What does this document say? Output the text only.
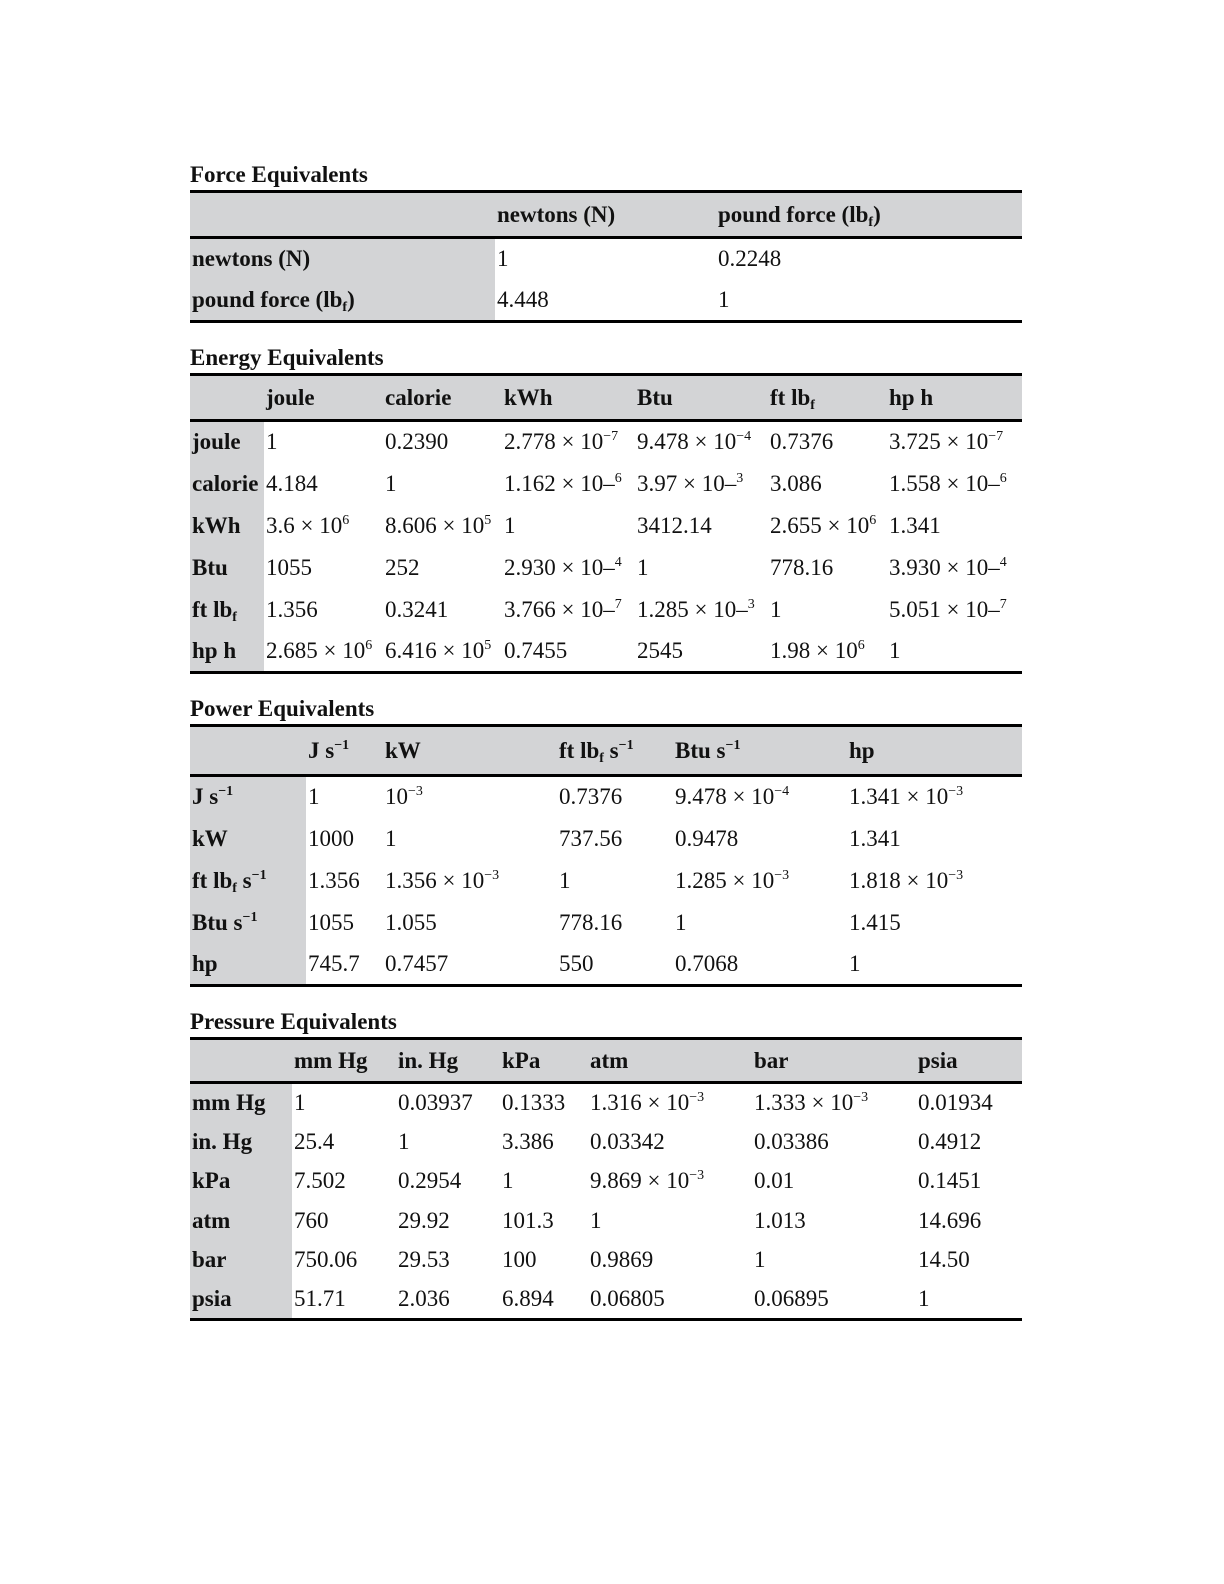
Force Equivalents
	newtons (N)	pound force $(lb_f)$
newtons (N)	1	0.2248
pound force $(lb_f)$	4.448	1
Energy Equivalents
	joule	calorie	kWh	Btu	ft $lb_f$	hp h
joule	1	0.2390	$2.778 \times 10^{-7}$	$9.478 \times 10^{-4}$	0.7376	$3.725 \times 10^{-7}$
calorie	4.184	1	1.162 × 10–$^6$	3.97 × 10–$^3$	3.086	1.558 × 10–$^6$
kWh	$3.6 \times 10^6$	$8.606 \times 10^5$	1	3412.14	$2.655 \times 10^6$	1.341
Btu	1055	252	2.930 × 10–$^4$	1	778.16	3.930 × 10–$^4$
ft $lb_f$	1.356	0.3241	3.766 × 10–$^7$	1.285 × 10–$^3$	1	5.051 × 10–$^7$
hp h	$2.685 \times 10^6$	$6.416 \times 10^5$	0.7455	2545	$1.98 \times 10^6$	1
Power Equivalents
	J $s^{-1}$	kW	ft $lb_f$ $s^{-1}$	Btu $s^{-1}$	hp
J $s^{-1}$	1	$10^{-3}$	0.7376	$9.478 \times 10^{-4}$	$1.341 \times 10^{-3}$
kW	1000	1	737.56	0.9478	1.341
ft $lb_f$ $s^{-1}$	1.356	$1.356 \times 10^{-3}$	1	$1.285 \times 10^{-3}$	$1.818 \times 10^{-3}$
Btu $s^{-1}$	1055	1.055	778.16	1	1.415
hp	745.7	0.7457	550	0.7068	1
Pressure Equivalents
	mm Hg	in. Hg	kPa	atm	bar	psia
mm Hg	1	0.03937	0.1333	$1.316 \times 10^{-3}$	$1.333 \times 10^{-3}$	0.01934
in. Hg	25.4	1	3.386	0.03342	0.03386	0.4912
kPa	7.502	0.2954	1	$9.869 \times 10^{-3}$	0.01	0.1451
atm	760	29.92	101.3	1	1.013	14.696
bar	750.06	29.53	100	0.9869	1	14.50
psia	51.71	2.036	6.894	0.06805	0.06895	1
